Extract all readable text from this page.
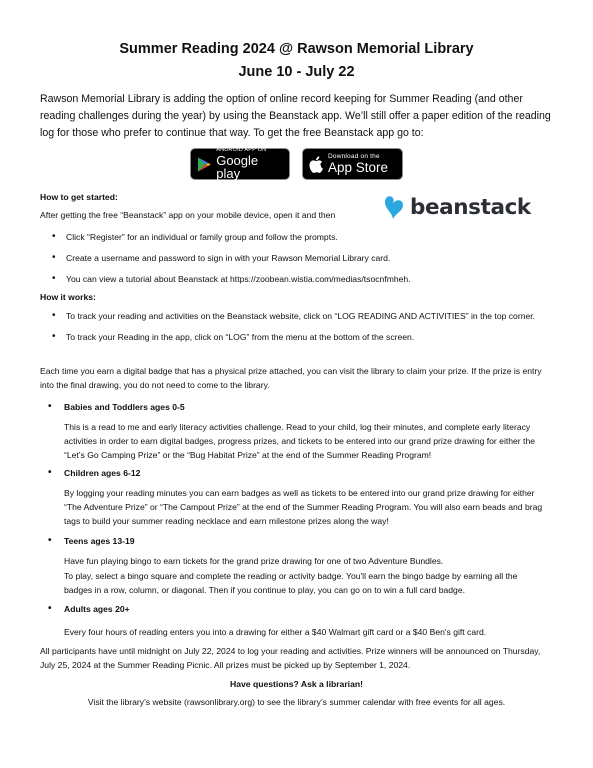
Summer Reading 2024 @ Rawson Memorial Library

June 10 - July 22

Rawson Memorial Library is adding the option of online record keeping for Summer Reading (and other reading challenges during the year) by using the Beanstack app. We’ll still offer a paper edition of the reading log for those who prefer to continue that way. To get the free Beanstack app go to:

ANDROID APP ON
Google play
Download on the
App Store
beanstack

How to get started:

After getting the free “Beanstack” app on your mobile device, open it and then

• Click “Register” for an individual or family group and follow the prompts.
• Create a username and password to sign in with your Rawson Memorial Library card.
• You can view a tutorial about Beanstack at https://zoobean.wistia.com/medias/tsocnfmheh.

How it works:

• To track your reading and activities on the Beanstack website, click on “LOG READING AND ACTIVITIES” in the top corner.
• To track your Reading in the app, click on “LOG” from the menu at the bottom of the screen.

Each time you earn a digital badge that has a physical prize attached, you can visit the library to claim your prize. If the prize is entry into the final drawing, you do not need to come to the library.

• Babies and Toddlers ages 0-5
This is a read to me and early literacy activities challenge. Read to your child, log their minutes, and complete early literacy activities in order to earn digital badges, progress prizes, and tickets to be entered into our grand prize drawing for either the “Let’s Go Camping Prize” or the “Bug Habitat Prize” at the end of the Summer Reading Program!
• Children ages 6-12
By logging your reading minutes you can earn badges as well as tickets to be entered into our grand prize drawing for either “The Adventure Prize” or “The Campout Prize” at the end of the Summer Reading Program. You will also earn beads and brag tags to build your summer reading necklace and earn milestone prizes along the way!
• Teens ages 13-19
Have fun playing bingo to earn tickets for the grand prize drawing for one of two Adventure Bundles.
To play, select a bingo square and complete the reading or activity badge. You'll earn the bingo badge by earning all the badges in a row, column, or diagonal. Then if you continue to play, you can go on to win a full card badge.
• Adults ages 20+
Every four hours of reading enters you into a drawing for either a $40 Walmart gift card or a $40 Ben's gift card.

All participants have until midnight on July 22, 2024 to log your reading and activities. Prize winners will be announced on Thursday, July 25, 2024 at the Summer Reading Picnic. All prizes must be picked up by September 1, 2024.

Have questions? Ask a librarian!

Visit the library’s website (rawsonlibrary.org) to see the library’s summer calendar with free events for all ages.
